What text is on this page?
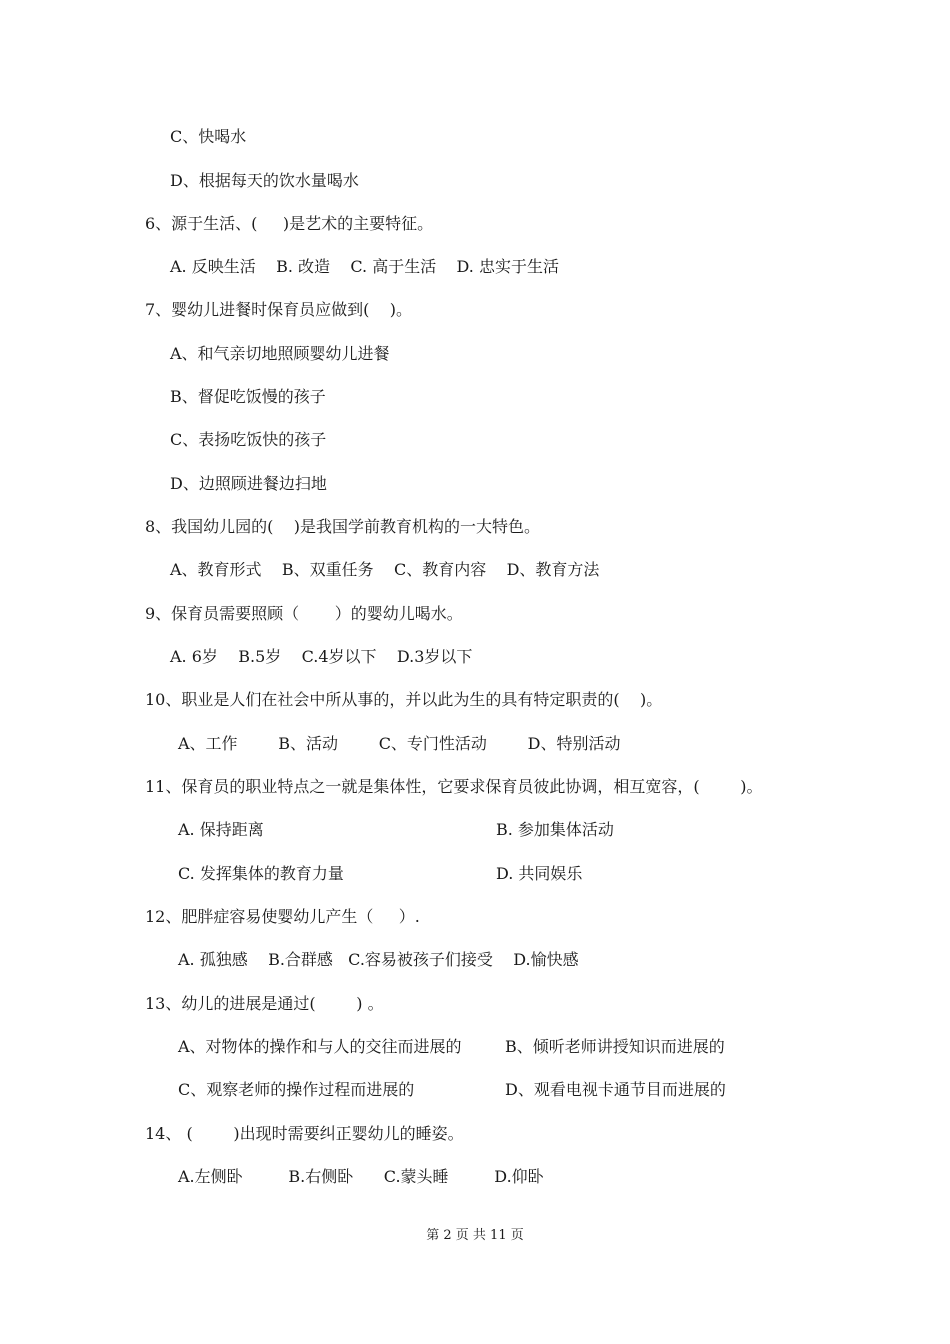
C、快喝水
D、根据每天的饮水量喝水
6、源于生活、(     )是艺术的主要特征。
A. 反映生活    B. 改造    C. 高于生活    D. 忠实于生活
7、婴幼儿进餐时保育员应做到(    )。
A、和气亲切地照顾婴幼儿进餐
B、督促吃饭慢的孩子
C、表扬吃饭快的孩子
D、边照顾进餐边扫地
8、我国幼儿园的(    )是我国学前教育机构的一大特色。
A、教育形式    B、双重任务    C、教育内容    D、教育方法
9、保育员需要照顾（       ）的婴幼儿喝水。
A. 6岁    B.5岁    C.4岁以下    D.3岁以下
10、职业是人们在社会中所从事的，并以此为生的具有特定职责的(    )。
A、工作        B、活动        C、专门性活动        D、特别活动
11、保育员的职业特点之一就是集体性，它要求保育员彼此协调，相互宽容，(        )。
A. 保持距离	B. 参加集体活动
C. 发挥集体的教育力量	D. 共同娱乐
12、肥胖症容易使婴幼儿产生（     ）.
A. 孤独感    B.合群感   C.容易被孩子们接受    D.愉快感
13、幼儿的进展是通过(        ) 。
A、对物体的操作和与人的交往而进展的	B、倾听老师讲授知识而进展的
C、观察老师的操作过程而进展的	D、观看电视卡通节目而进展的
14、 (        )出现时需要纠正婴幼儿的睡姿。
A.左侧卧         B.右侧卧      C.蒙头睡         D.仰卧
第 2 页 共 11 页
